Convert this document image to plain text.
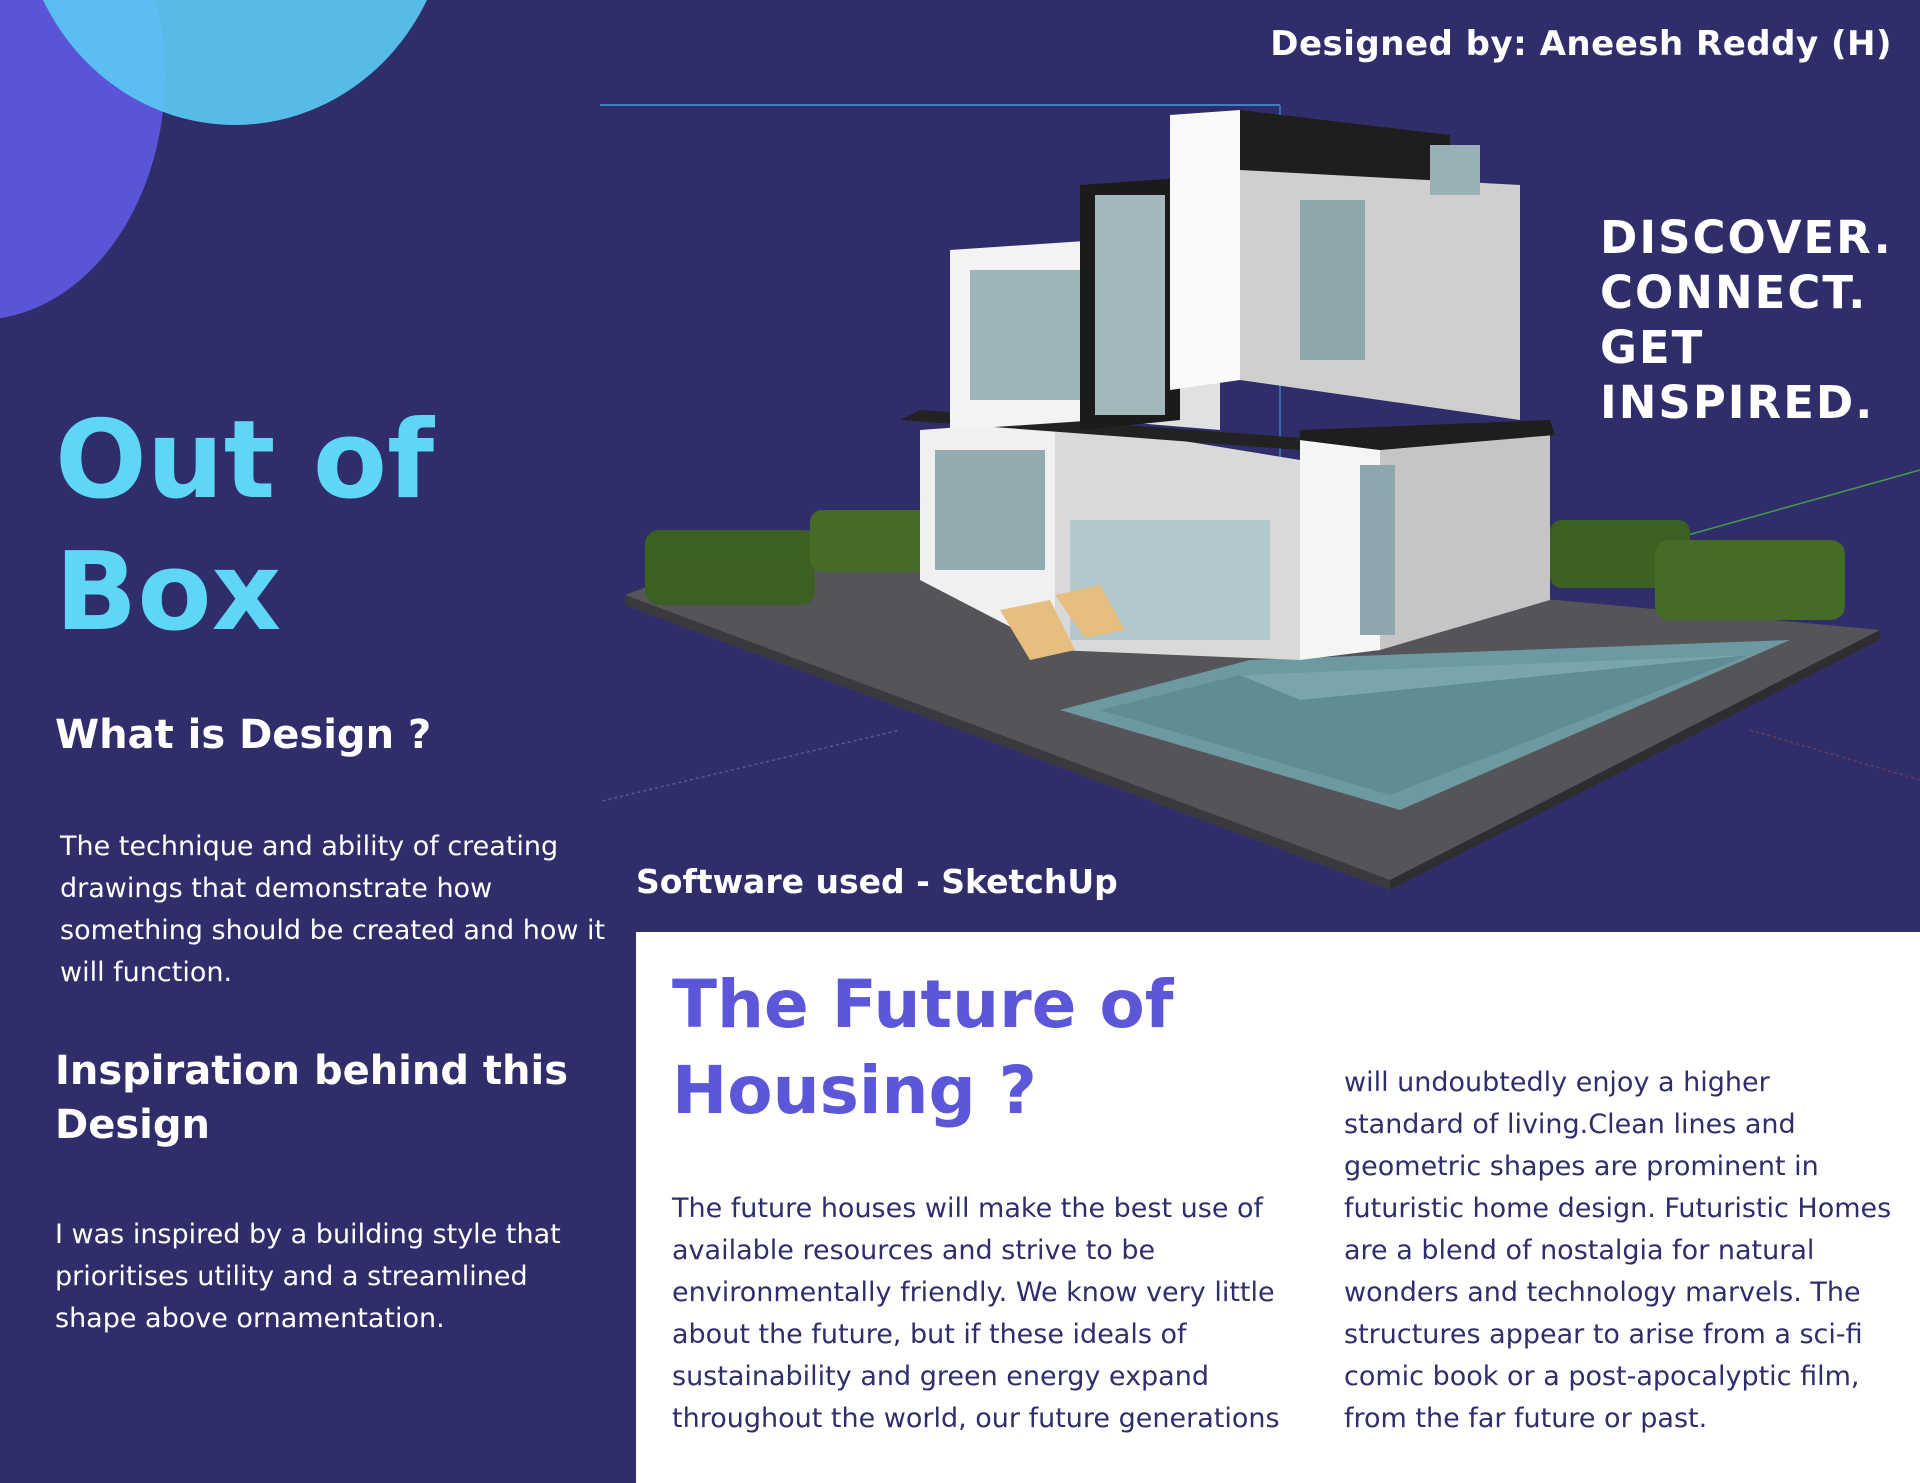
Designed by: Aneesh Reddy (H)
DISCOVER.
CONNECT.
GET
INSPIRED.
Out of
Box
What is Design ?
The technique and ability of creating
drawings that demonstrate how
something should be created and how it
will function.
Inspiration behind this
Design
I was inspired by a building style that
prioritises utility and a streamlined
shape above ornamentation.
Software used - SketchUp
The Future of
Housing ?
The future houses will make the best use of
available resources and strive to be
environmentally friendly. We know very little
about the future, but if these ideals of
sustainability and green energy expand
throughout the world, our future generations
will undoubtedly enjoy a higher
standard of living.Clean lines and
geometric shapes are prominent in
futuristic home design. Futuristic Homes
are a blend of nostalgia for natural
wonders and technology marvels. The
structures appear to arise from a sci-fi
comic book or a post-apocalyptic film,
from the far future or past.
